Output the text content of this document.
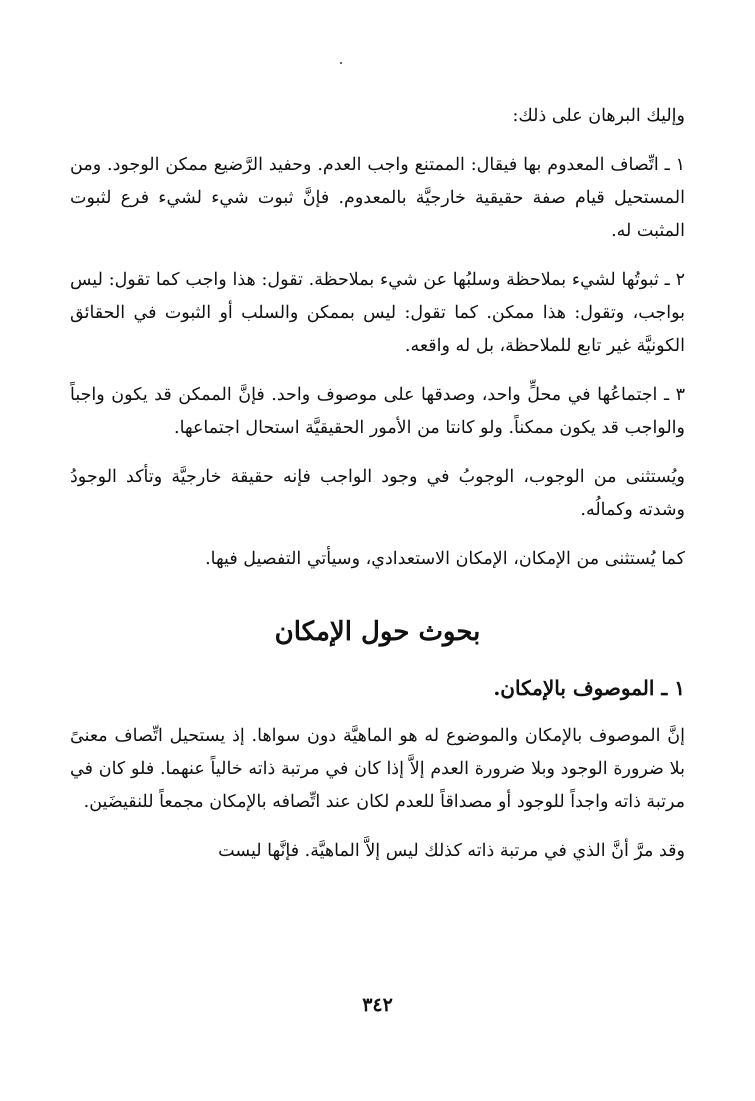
وإليك البرهان على ذلك:

١ ـ اتِّصاف المعدوم بها فيقال: الممتنع واجب العدم. وحفيد الرَّضيع ممكن الوجود. ومن المستحيل قيام صفة حقيقية خارجيَّة بالمعدوم. فإنَّ ثبوت شيء لشيء فرع لثبوت المثبت له.

٢ ـ ثبوتُها لشيء بملاحظة وسلبُها عن شيء بملاحظة. تقول: هذا واجب كما تقول: ليس بواجب، وتقول: هذا ممكن. كما تقول: ليس بممكن والسلب أو الثبوت في الحقائق الكونيَّة غير تابع للملاحظة، بل له واقعه.

٣ ـ اجتماعُها في محلٍّ واحد، وصدقها على موصوف واحد. فإنَّ الممكن قد يكون واجباً والواجب قد يكون ممكناً. ولو كانتا من الأمور الحقيقيَّة استحال اجتماعها.

ويُستثنى من الوجوب، الوجوبُ في وجود الواجب فإنه حقيقة خارجيَّة وتأكد الوجودُ وشدته وكمالُه.

كما يُستثنى من الإمكان، الإمكان الاستعدادي، وسيأتي التفصيل فيها.

بحوث حول الإمكان
١ ـ الموصوف بالإمكان.

إنَّ الموصوف بالإمكان والموضوع له هو الماهيَّة دون سواها. إذ يستحيل اتِّصاف معنىً بلا ضرورة الوجود وبلا ضرورة العدم إلاَّ إذا كان في مرتبة ذاته خالياً عنهما. فلو كان في مرتبة ذاته واجداً للوجود أو مصداقاً للعدم لكان عند اتِّصافه بالإمكان مجمعاً للنقيضَين.

وقد مرَّ أنَّ الذي في مرتبة ذاته كذلك ليس إلاَّ الماهيَّة. فإنَّها ليست

٣٤٢
